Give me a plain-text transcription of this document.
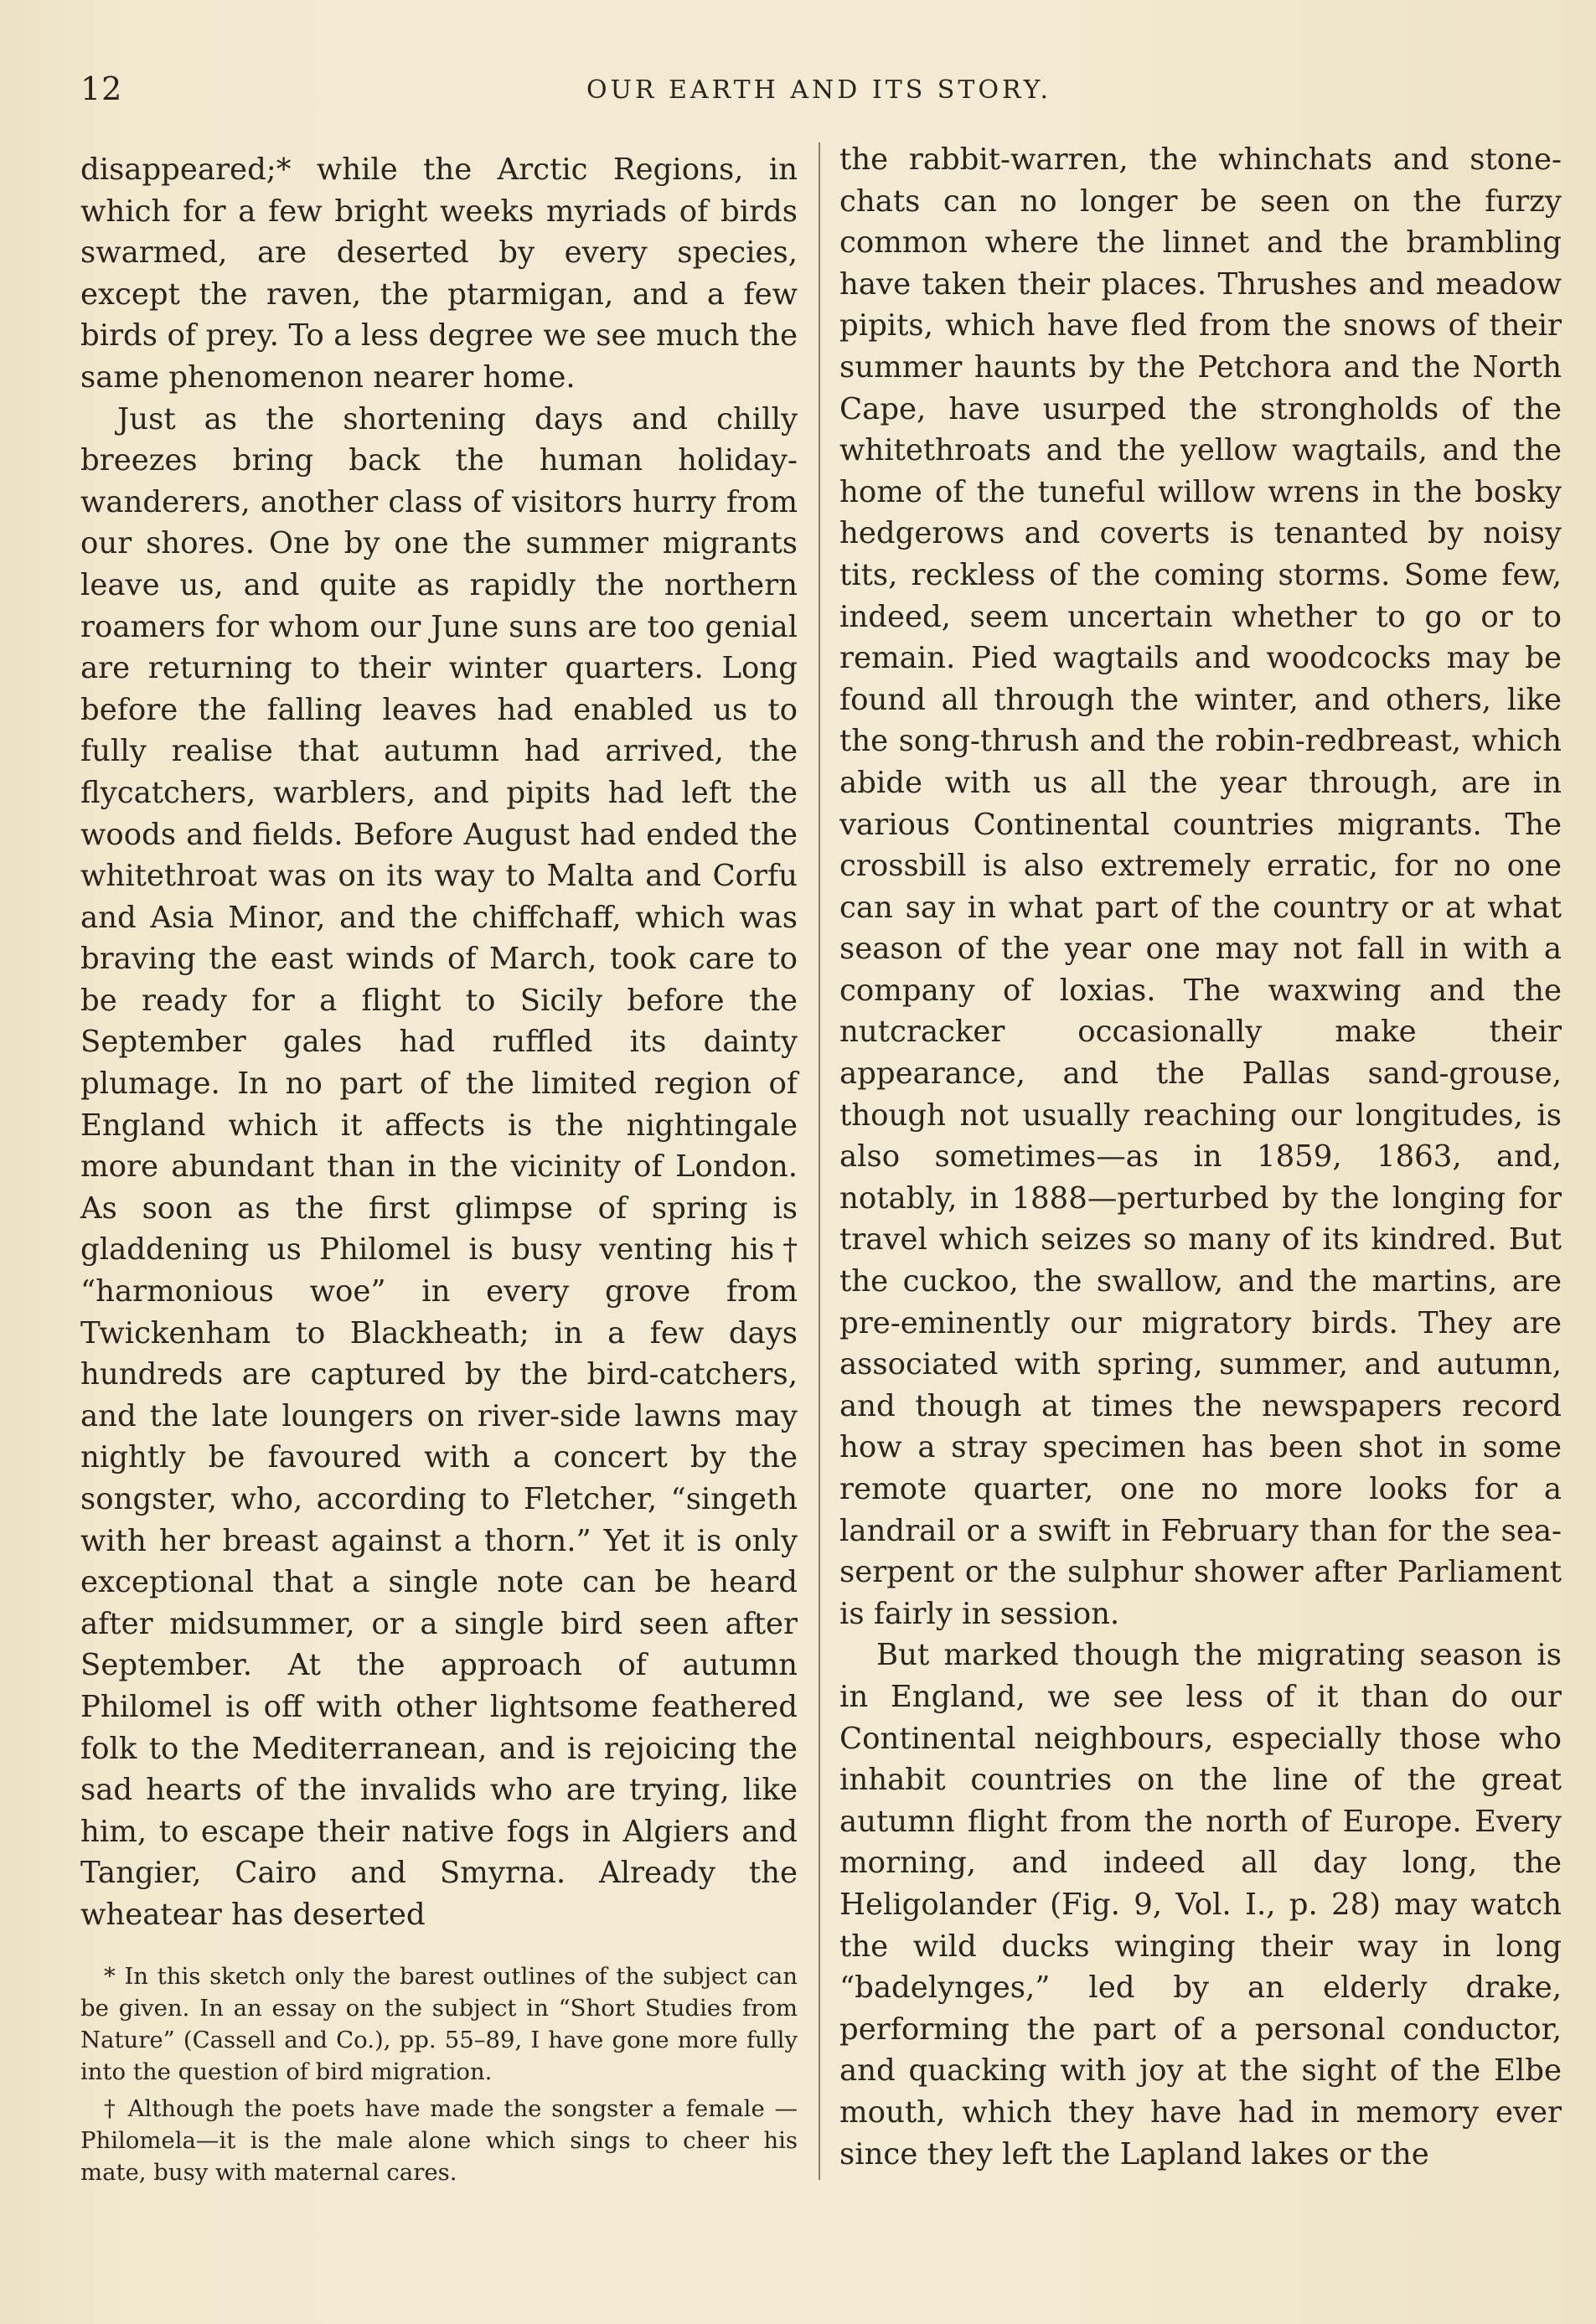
12	OUR EARTH AND ITS STORY.

disappeared;* while the Arctic Regions, in which for a few bright weeks myriads of birds swarmed, are deserted by every species, except the raven, the ptarmigan, and a few birds of prey. To a less degree we see much the same phenomenon nearer home.

Just as the shortening days and chilly breezes bring back the human holiday-wanderers, another class of visitors hurry from our shores. One by one the summer migrants leave us, and quite as rapidly the northern roamers for whom our June suns are too genial are returning to their winter quarters. Long before the falling leaves had enabled us to fully realise that autumn had arrived, the flycatchers, warblers, and pipits had left the woods and fields. Before August had ended the whitethroat was on its way to Malta and Corfu and Asia Minor, and the chiffchaff, which was braving the east winds of March, took care to be ready for a flight to Sicily before the September gales had ruffled its dainty plumage. In no part of the limited region of England which it affects is the nightingale more abundant than in the vicinity of London. As soon as the first glimpse of spring is gladdening us Philomel is busy venting his† “harmonious woe” in every grove from Twickenham to Blackheath; in a few days hundreds are captured by the bird-catchers, and the late loungers on river-side lawns may nightly be favoured with a concert by the songster, who, according to Fletcher, “singeth with her breast against a thorn.” Yet it is only exceptional that a single note can be heard after midsummer, or a single bird seen after September. At the approach of autumn Philomel is off with other lightsome feathered folk to the Mediterranean, and is rejoicing the sad hearts of the invalids who are trying, like him, to escape their native fogs in Algiers and Tangier, Cairo and Smyrna. Already the wheatear has deserted

* In this sketch only the barest outlines of the subject can be given. In an essay on the subject in “Short Studies from Nature” (Cassell and Co.), pp. 55–89, I have gone more fully into the question of bird migration.

† Although the poets have made the songster a female —Philomela—it is the male alone which sings to cheer his mate, busy with maternal cares.

the rabbit-warren, the whinchats and stone-chats can no longer be seen on the furzy common where the linnet and the brambling have taken their places. Thrushes and meadow pipits, which have fled from the snows of their summer haunts by the Petchora and the North Cape, have usurped the strongholds of the whitethroats and the yellow wagtails, and the home of the tuneful willow wrens in the bosky hedgerows and coverts is tenanted by noisy tits, reckless of the coming storms. Some few, indeed, seem uncertain whether to go or to remain. Pied wagtails and woodcocks may be found all through the winter, and others, like the song-thrush and the robin-redbreast, which abide with us all the year through, are in various Continental countries migrants. The crossbill is also extremely erratic, for no one can say in what part of the country or at what season of the year one may not fall in with a company of loxias. The waxwing and the nutcracker occasionally make their appearance, and the Pallas sand-grouse, though not usually reaching our longitudes, is also sometimes—as in 1859, 1863, and, notably, in 1888—perturbed by the longing for travel which seizes so many of its kindred. But the cuckoo, the swallow, and the martins, are pre-eminently our migratory birds. They are associated with spring, summer, and autumn, and though at times the newspapers record how a stray specimen has been shot in some remote quarter, one no more looks for a landrail or a swift in February than for the sea-serpent or the sulphur shower after Parliament is fairly in session.

But marked though the migrating season is in England, we see less of it than do our Continental neighbours, especially those who inhabit countries on the line of the great autumn flight from the north of Europe. Every morning, and indeed all day long, the Heligolander (Fig. 9, Vol. I., p. 28) may watch the wild ducks winging their way in long “badelynges,” led by an elderly drake, performing the part of a personal conductor, and quacking with joy at the sight of the Elbe mouth, which they have had in memory ever since they left the Lapland lakes or the
